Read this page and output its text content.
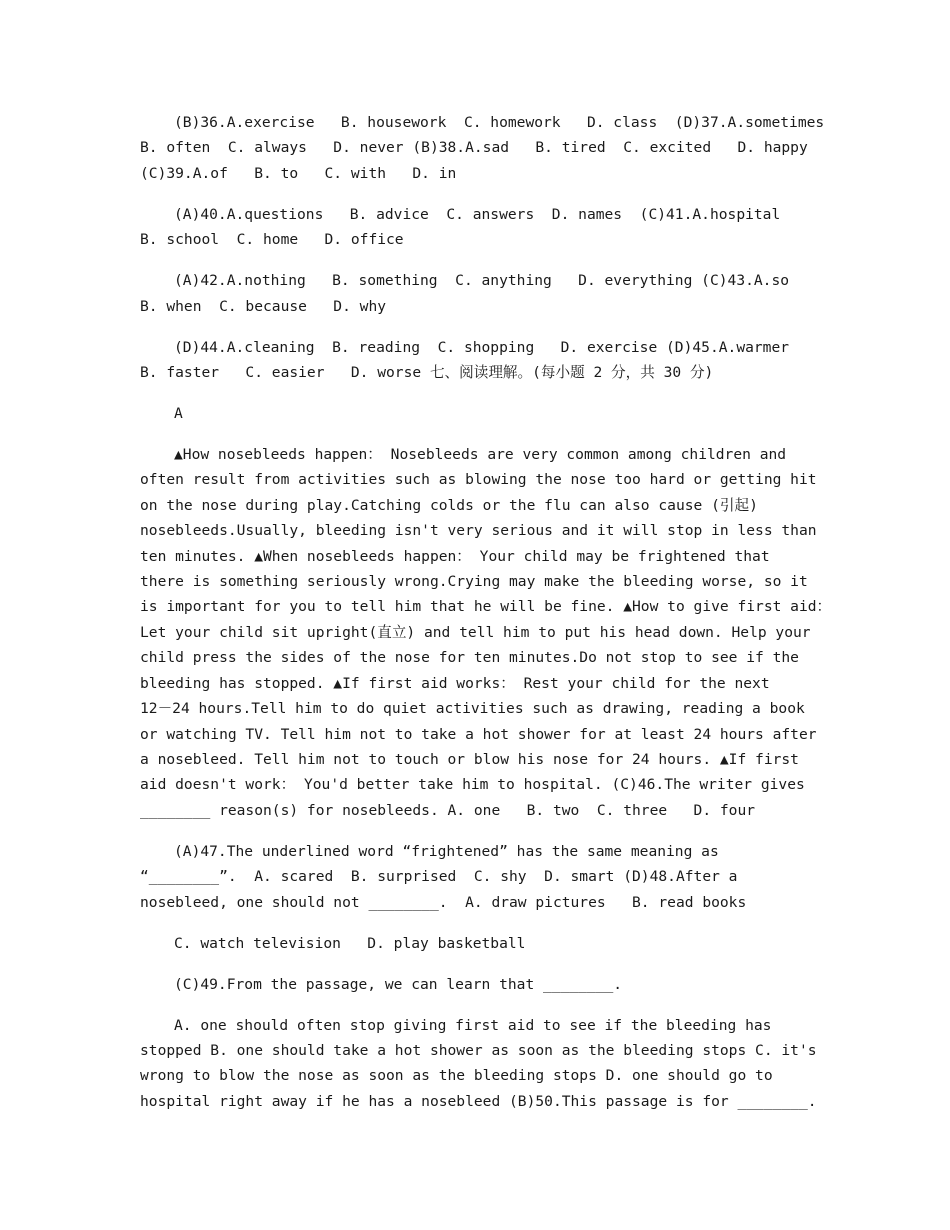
(B)36.A.exercise   B. housework  C. homework   D. class  (D)37.A.sometimes
B. often  C. always   D. never (B)38.A.sad   B. tired  C. excited   D. happy
(C)39.A.of   B. to   C. with   D. in
(A)40.A.questions   B. advice  C. answers  D. names  (C)41.A.hospital
B. school  C. home   D. office
(A)42.A.nothing   B. something  C. anything   D. everything (C)43.A.so
B. when  C. because   D. why
(D)44.A.cleaning  B. reading  C. shopping   D. exercise (D)45.A.warmer
B. faster   C. easier   D. worse 七、阅读理解。(每小题 2 分，共 30 分)
A
▲How nosebleeds happen： Nosebleeds are very common among children and
often result from activities such as blowing the nose too hard or getting hit
on the nose during play.Catching colds or the flu can also cause (引起)
nosebleeds.Usually, bleeding isn't very serious and it will stop in less than
ten minutes. ▲When nosebleeds happen： Your child may be frightened that
there is something seriously wrong.Crying may make the bleeding worse, so it
is important for you to tell him that he will be fine. ▲How to give first aid：
Let your child sit upright(直立) and tell him to put his head down. Help your
child press the sides of the nose for ten minutes.Do not stop to see if the
bleeding has stopped. ▲If first aid works： Rest your child for the next
12－24 hours.Tell him to do quiet activities such as drawing, reading a book
or watching TV. Tell him not to take a hot shower for at least 24 hours after
a nosebleed. Tell him not to touch or blow his nose for 24 hours. ▲If first
aid doesn't work： You'd better take him to hospital. (C)46.The writer gives
________ reason(s) for nosebleeds. A. one   B. two  C. three   D. four
(A)47.The underlined word “frightened” has the same meaning as
“________”.  A. scared  B. surprised  C. shy  D. smart (D)48.After a
nosebleed, one should not ________.  A. draw pictures   B. read books
C. watch television   D. play basketball
(C)49.From the passage, we can learn that ________.
A. one should often stop giving first aid to see if the bleeding has
stopped B. one should take a hot shower as soon as the bleeding stops C. it's
wrong to blow the nose as soon as the bleeding stops D. one should go to
hospital right away if he has a nosebleed (B)50.This passage is for ________.
